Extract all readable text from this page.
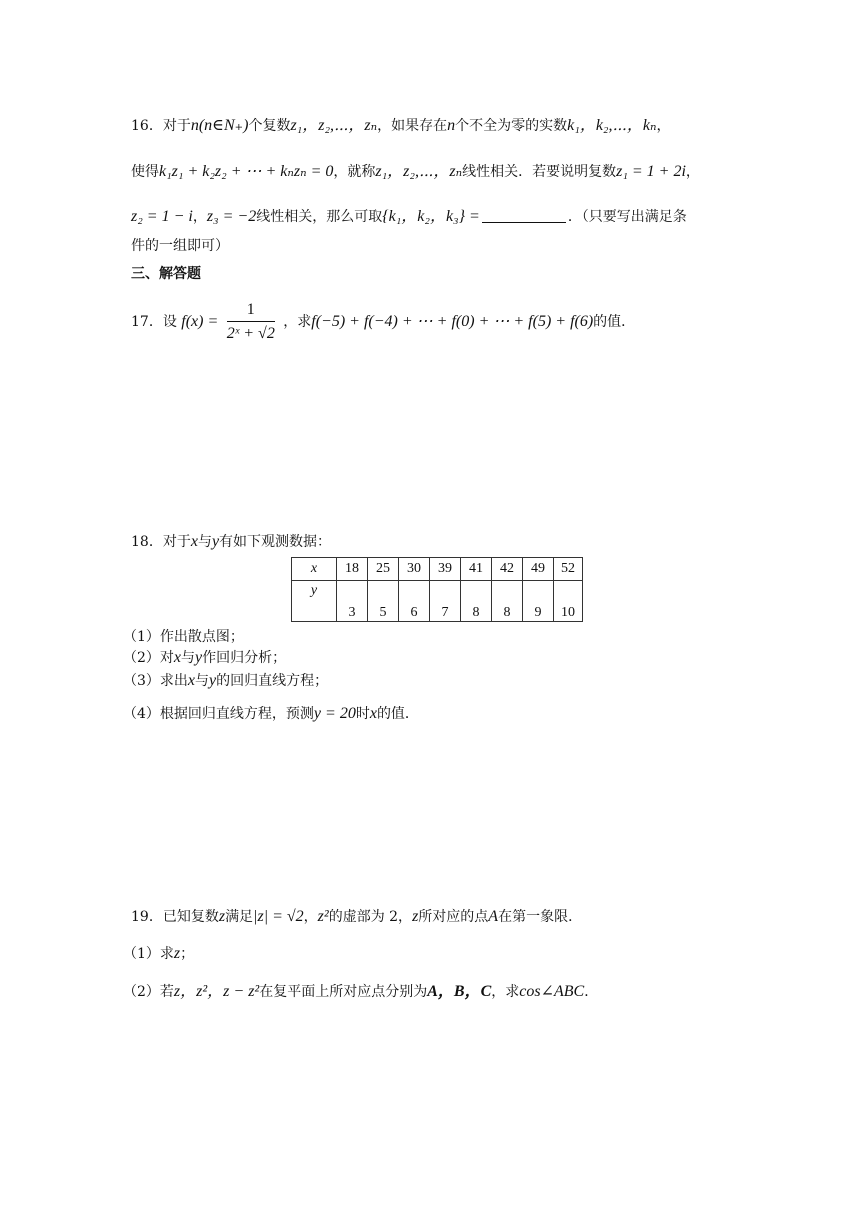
16．对于n(n∈N₊)个复数z₁，z₂,⋯，zₙ，如果存在n个不全为零的实数k₁，k₂,⋯，kₙ，
使得k₁z₁ + k₂z₂ + ⋯ + kₙzₙ = 0，就称z₁，z₂,⋯，zₙ线性相关．若要说明复数z₁ = 1 + 2i，
z₂ = 1 − i，z₃ = −2线性相关，那么可取{k₁，k₂，k₃} =	．（只要写出满足条
件的一组即可）
三、解答题
17．设 $f(x) = \frac{1}{\text{2ˣ + √2}}$ ，求f(−5) + f(−4) + ⋯ + f(0) + ⋯ + f(5) + f(6)的值．
18．对于x与y有如下观测数据：
x	18	25	30	39	41	42	49	52
y	3	5	6	7	8	8	9	10
（1）作出散点图；
（2）对x与y作回归分析；
（3）求出x与y的回归直线方程；
（4）根据回归直线方程，预测y = 20时x的值．
19．已知复数z满足|z| = √2，z²的虚部为 2，z所对应的点A在第一象限．
（1）求z；
（2）若z，z²，z − z²在复平面上所对应点分别为A，B，C，求cos∠ABC．
